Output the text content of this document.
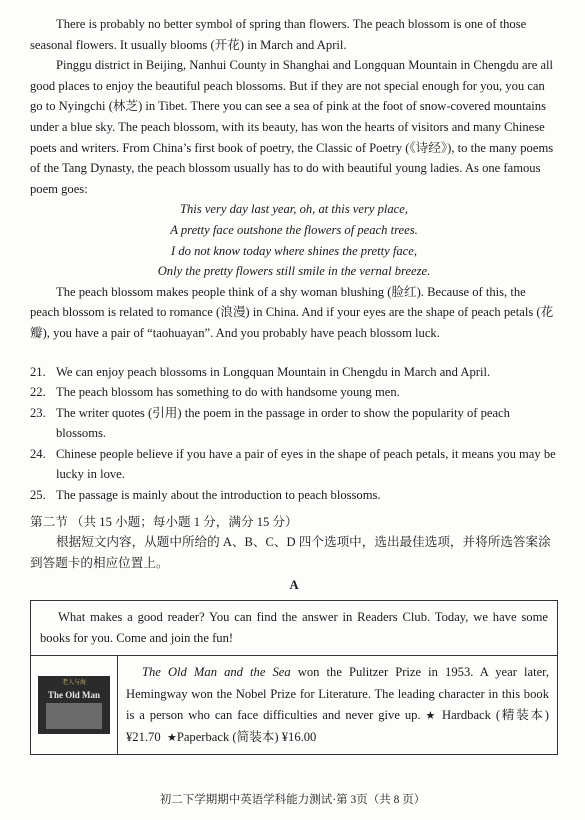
There is probably no better symbol of spring than flowers. The peach blossom is one of those seasonal flowers. It usually blooms (开花) in March and April.

Pinggu district in Beijing, Nanhui County in Shanghai and Longquan Mountain in Chengdu are all good places to enjoy the beautiful peach blossoms. But if they are not special enough for you, you can go to Nyingchi (林芝) in Tibet. There you can see a sea of pink at the foot of snow-covered mountains under a blue sky. The peach blossom, with its beauty, has won the hearts of visitors and many Chinese poets and writers. From China’s first book of poetry, the Classic of Poetry (《诗经》), to the many poems of the Tang Dynasty, the peach blossom usually has to do with beautiful young ladies. As one famous poem goes:

This very day last year, oh, at this very place,

A pretty face outshone the flowers of peach trees.

I do not know today where shines the pretty face,

Only the pretty flowers still smile in the vernal breeze.

The peach blossom makes people think of a shy woman blushing (脸红). Because of this, the peach blossom is related to romance (浪漫) in China. And if your eyes are the shape of peach petals (花瓣), you have a pair of “taohuayan”. And you probably have peach blossom luck.

21. We can enjoy peach blossoms in Longquan Mountain in Chengdu in March and April.
22. The peach blossom has something to do with handsome young men.
23. The writer quotes (引用) the poem in the passage in order to show the popularity of peach blossoms.
24. Chinese people believe if you have a pair of eyes in the shape of peach petals, it means you may be lucky in love.
25. The passage is mainly about the introduction to peach blossoms.

第二节 （共 15 小题；每小题 1 分，满分 15 分）

根据短文内容，从题中所给的 A、B、C、D 四个选项中，选出最佳选项，并将所选答案涂到答题卡的相应位置上。

A

What makes a good reader? You can find the answer in Readers Club. Today, we have some books for you. Come and join the fun!
老人与海
The Old Man

The Old Man and the Sea won the Pulitzer Prize in 1953. A year later, Hemingway won the Nobel Prize for Literature. The leading character in this book is a person who can face difficulties and never give up. ★ Hardback (精装本) ¥21.70 ★Paperback (简装本) ¥16.00

初二下学期期中英语学科能力测试·第 3页（共 8 页）
